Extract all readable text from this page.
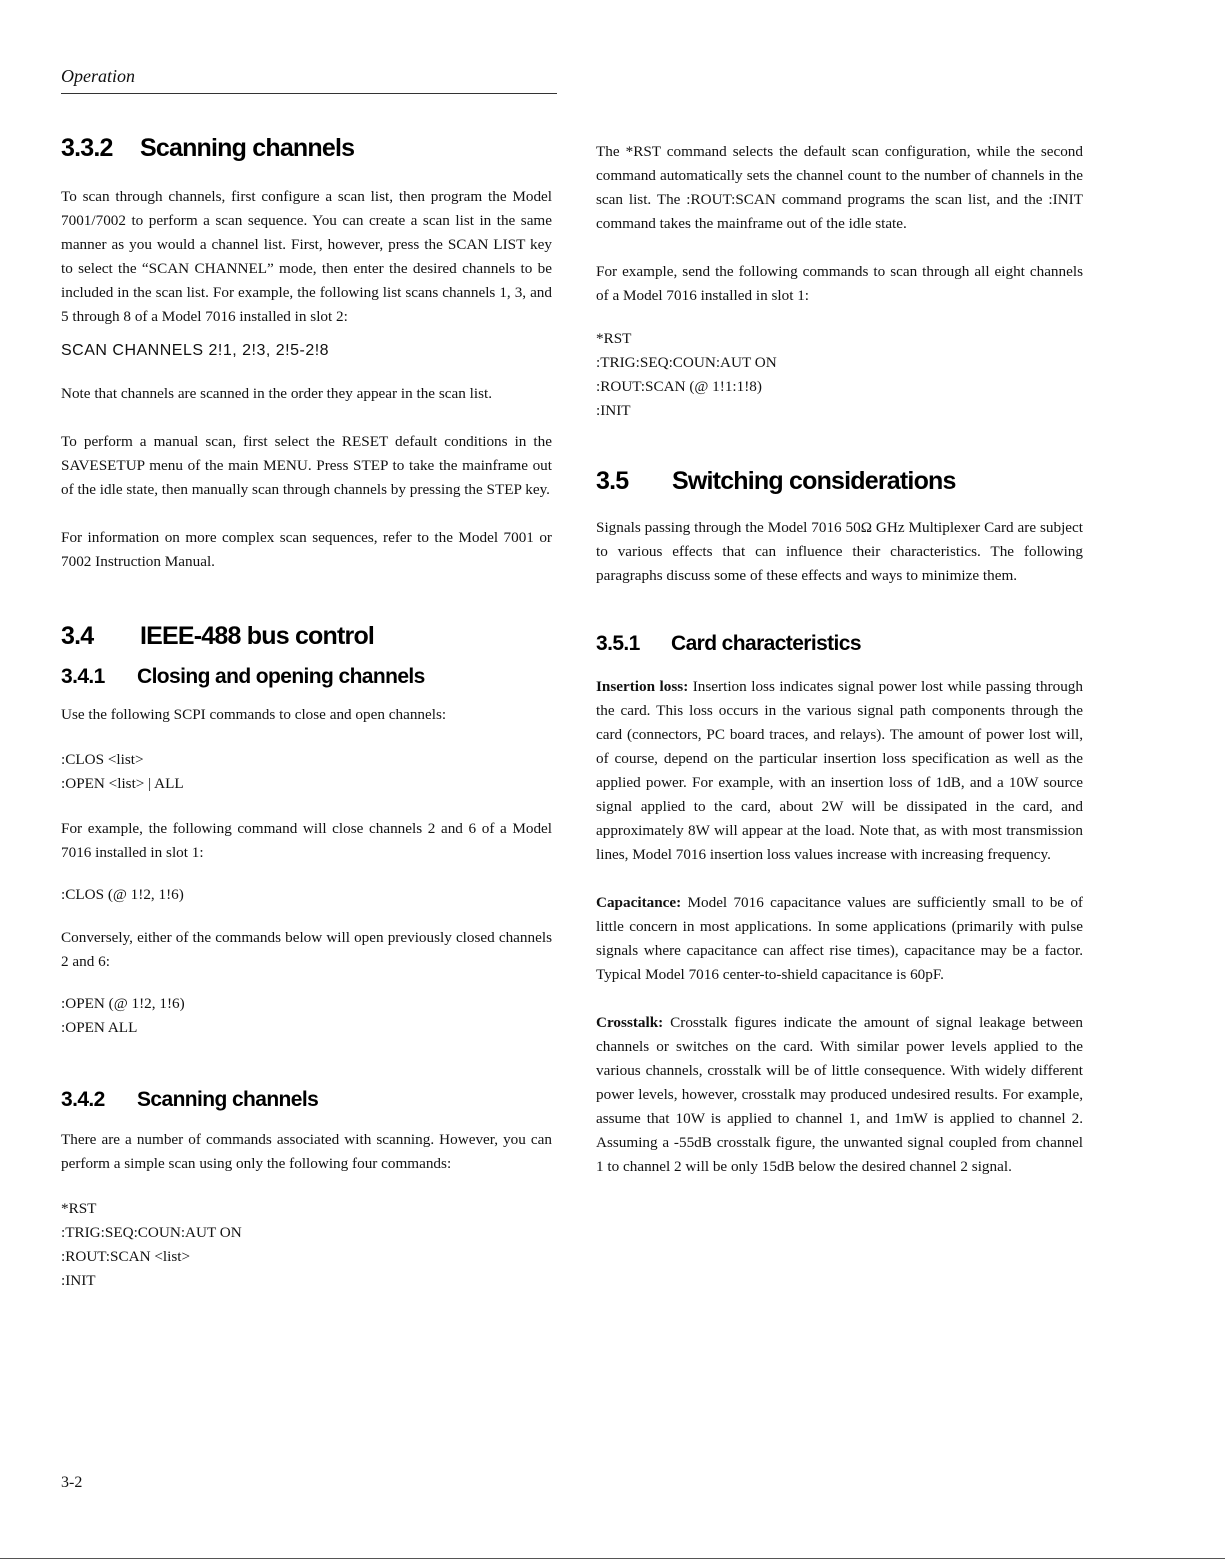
Operation
3.3.2	Scanning channels

To scan through channels, first configure a scan list, then program the Model 7001/7002 to perform a scan sequence. You can create a scan list in the same manner as you would a channel list. First, however, press the SCAN LIST key to select the “SCAN CHANNEL” mode, then enter the desired channels to be included in the scan list. For example, the following list scans channels 1, 3, and 5 through 8 of a Model 7016 installed in slot 2:

SCAN CHANNELS 2!1, 2!3, 2!5-2!8

Note that channels are scanned in the order they appear in the scan list.

To perform a manual scan, first select the RESET default conditions in the SAVESETUP menu of the main MENU. Press STEP to take the mainframe out of the idle state, then manually scan through channels by pressing the STEP key.

For information on more complex scan sequences, refer to the Model 7001 or 7002 Instruction Manual.

3.4	IEEE-488 bus control
3.4.1	Closing and opening channels

Use the following SCPI commands to close and open channels:

:CLOS <list>
:OPEN <list> | ALL

For example, the following command will close channels 2 and 6 of a Model 7016 installed in slot 1:

:CLOS (@ 1!2, 1!6)

Conversely, either of the commands below will open previously closed channels 2 and 6:

:OPEN (@ 1!2, 1!6)
:OPEN ALL
3.4.2	Scanning channels

There are a number of commands associated with scanning. However, you can perform a simple scan using only the following four commands:

*RST
:TRIG:SEQ:COUN:AUT ON
:ROUT:SCAN <list>
:INIT

The *RST command selects the default scan configuration, while the second command automatically sets the channel count to the number of channels in the scan list. The :ROUT:SCAN command programs the scan list, and the :INIT command takes the mainframe out of the idle state.

For example, send the following commands to scan through all eight channels of a Model 7016 installed in slot 1:

*RST
:TRIG:SEQ:COUN:AUT ON
:ROUT:SCAN (@ 1!1:1!8)
:INIT
3.5	Switching considerations

Signals passing through the Model 7016 50Ω GHz Multiplexer Card are subject to various effects that can influence their characteristics. The following paragraphs discuss some of these effects and ways to minimize them.

3.5.1	Card characteristics

Insertion loss: Insertion loss indicates signal power lost while passing through the card. This loss occurs in the various signal path components through the card (connectors, PC board traces, and relays). The amount of power lost will, of course, depend on the particular insertion loss specification as well as the applied power. For example, with an insertion loss of 1dB, and a 10W source signal applied to the card, about 2W will be dissipated in the card, and approximately 8W will appear at the load. Note that, as with most transmission lines, Model 7016 insertion loss values increase with increasing frequency.

Capacitance: Model 7016 capacitance values are sufficiently small to be of little concern in most applications. In some applications (primarily with pulse signals where capacitance can affect rise times), capacitance may be a factor. Typical Model 7016 center-to-shield capacitance is 60pF.

Crosstalk: Crosstalk figures indicate the amount of signal leakage between channels or switches on the card. With similar power levels applied to the various channels, crosstalk will be of little consequence. With widely different power levels, however, crosstalk may produced undesired results. For example, assume that 10W is applied to channel 1, and 1mW is applied to channel 2. Assuming a -55dB crosstalk figure, the unwanted signal coupled from channel 1 to channel 2 will be only 15dB below the desired channel 2 signal.

3-2
